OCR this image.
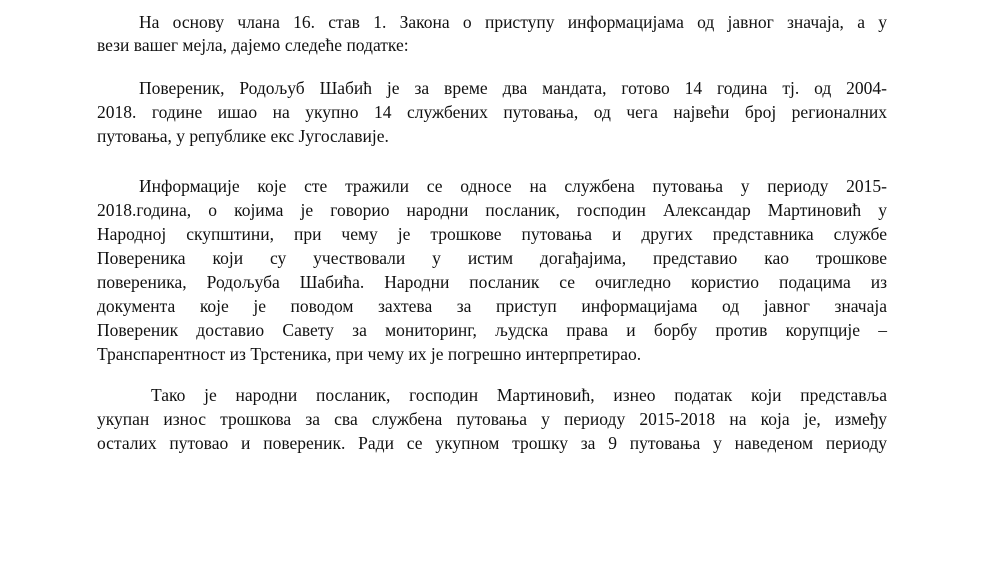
На основу члана 16. став 1. Закона о приступу информацијама од јавног значаја, а у
вези вашег мејла, дајемо следеће податке:
Повереник, Родољуб Шабић је за време два мандата, готово 14 година тј. од 2004-
2018. године ишао на укупно 14 службених путовања, од чега највећи број регионалних
путовања, у републике екс Југославије.
Информације које сте тражили се односе на службена путовања у периоду 2015-
2018.година, о којима је говорио народни посланик, господин Александар Мартиновић у
Народној скупштини, при чему је трошкове путовања и других представника службе
Повереника који су учествовали у истим догађајима, представио као трошкове
повереника, Родољуба Шабића. Народни посланик се очигледно користио подацима из
документа које је поводом захтева за приступ информацијама од јавног значаја
Повереник доставио Савету за мониторинг, људска права и борбу против корупције –
Транспарентност из Трстеника, при чему их је погрешно интерпретирао.
Тако је народни посланик, господин Мартиновић, изнео податак који представља
укупан износ трошкова за сва службена путовања у периоду 2015-2018 на која је, између
осталих путовао и повереник. Ради се укупном трошку за 9 путовања у наведеном периоду
